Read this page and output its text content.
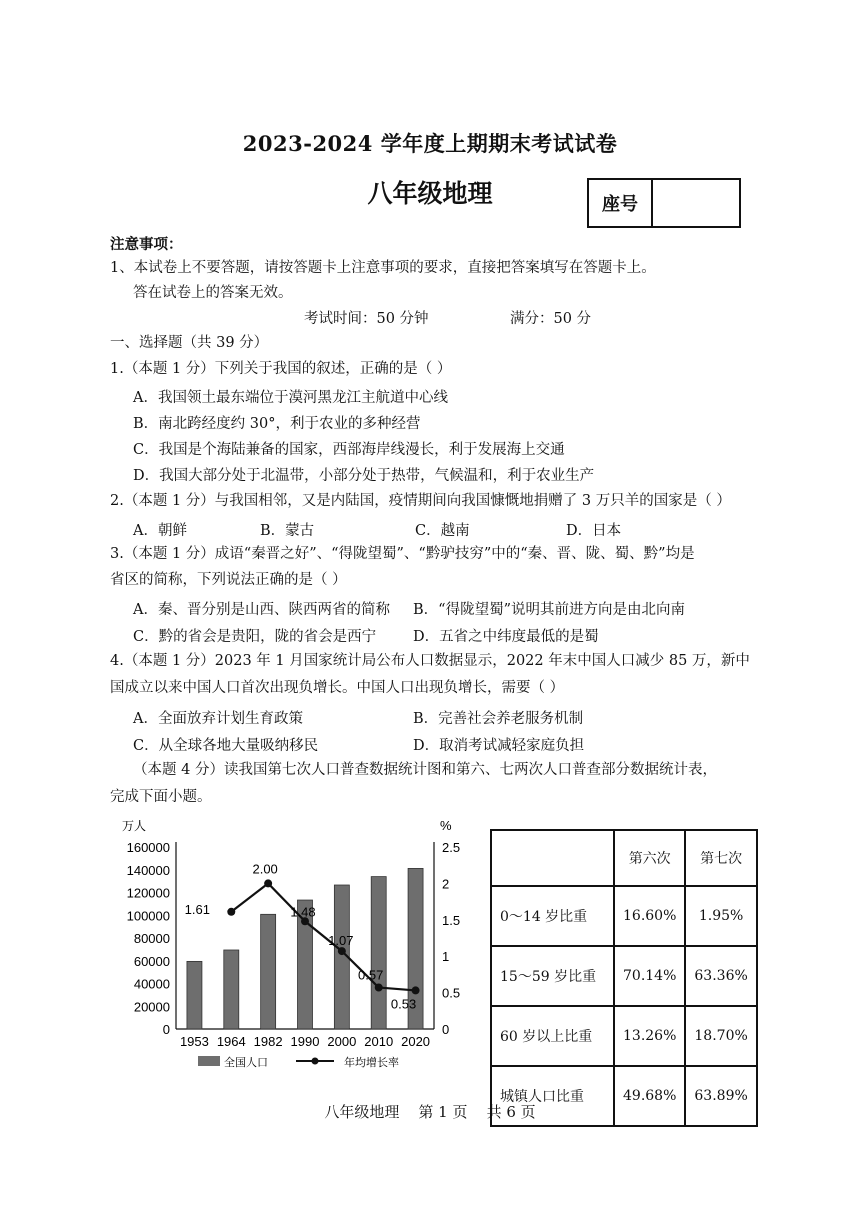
2023-2024 学年度上期期末考试试卷
八年级地理	座号
注意事项：
1、本试卷上不要答题，请按答题卡上注意事项的要求，直接把答案填写在答题卡上。
答在试卷上的答案无效。
考试时间：50 分钟	满分：50 分
一、选择题（共 39 分）
1.（本题 1 分）下列关于我国的叙述，正确的是（ ）
A．我国领土最东端位于漠河黑龙江主航道中心线
B．南北跨经度约 30°，利于农业的多种经营
C．我国是个海陆兼备的国家，西部海岸线漫长，利于发展海上交通
D．我国大部分处于北温带，小部分处于热带，气候温和，利于农业生产
2.（本题 1 分）与我国相邻，又是内陆国，疫情期间向我国慷慨地捐赠了 3 万只羊的国家是（ ）
A．朝鲜	B．蒙古	C．越南	D．日本
3.（本题 1 分）成语“秦晋之好”、“得陇望蜀”、“黔驴技穷”中的“秦、晋、陇、蜀、黔”均是
省区的简称，下列说法正确的是（ ）
A．秦、晋分别是山西、陕西两省的简称 B．“得陇望蜀”说明其前进方向是由北向南
C．黔的省会是贵阳，陇的省会是西宁	D．五省之中纬度最低的是蜀
4.（本题 1 分）2023 年 1 月国家统计局公布人口数据显示，2022 年末中国人口减少 85 万，新中
国成立以来中国人口首次出现负增长。中国人口出现负增长，需要（ ）
A．全面放弃计划生育政策	B．完善社会养老服务机制
C．从全球各地大量吸纳移民	D．取消考试减轻家庭负担
（本题 4 分）读我国第七次人口普查数据统计图和第六、七两次人口普查部分数据统计表，
完成下面小题。
万人	%
0
20000
40000
60000
80000
100000
120000
140000
160000
0
0.5
1
1.5
2
2.5
1953 1964 1982 1990 2000 2010 2020
1.61
2.00
1.48
1.07
0.57
0.53
全国人口	年均增长率
	第六次	第七次
0～14 岁比重	16.60%	1.95%
15～59 岁比重	70.14%	63.36%
60 岁以上比重	13.26%	18.70%
城镇人口比重	49.68%	63.89%
八年级地理 第 1 页 共 6 页
